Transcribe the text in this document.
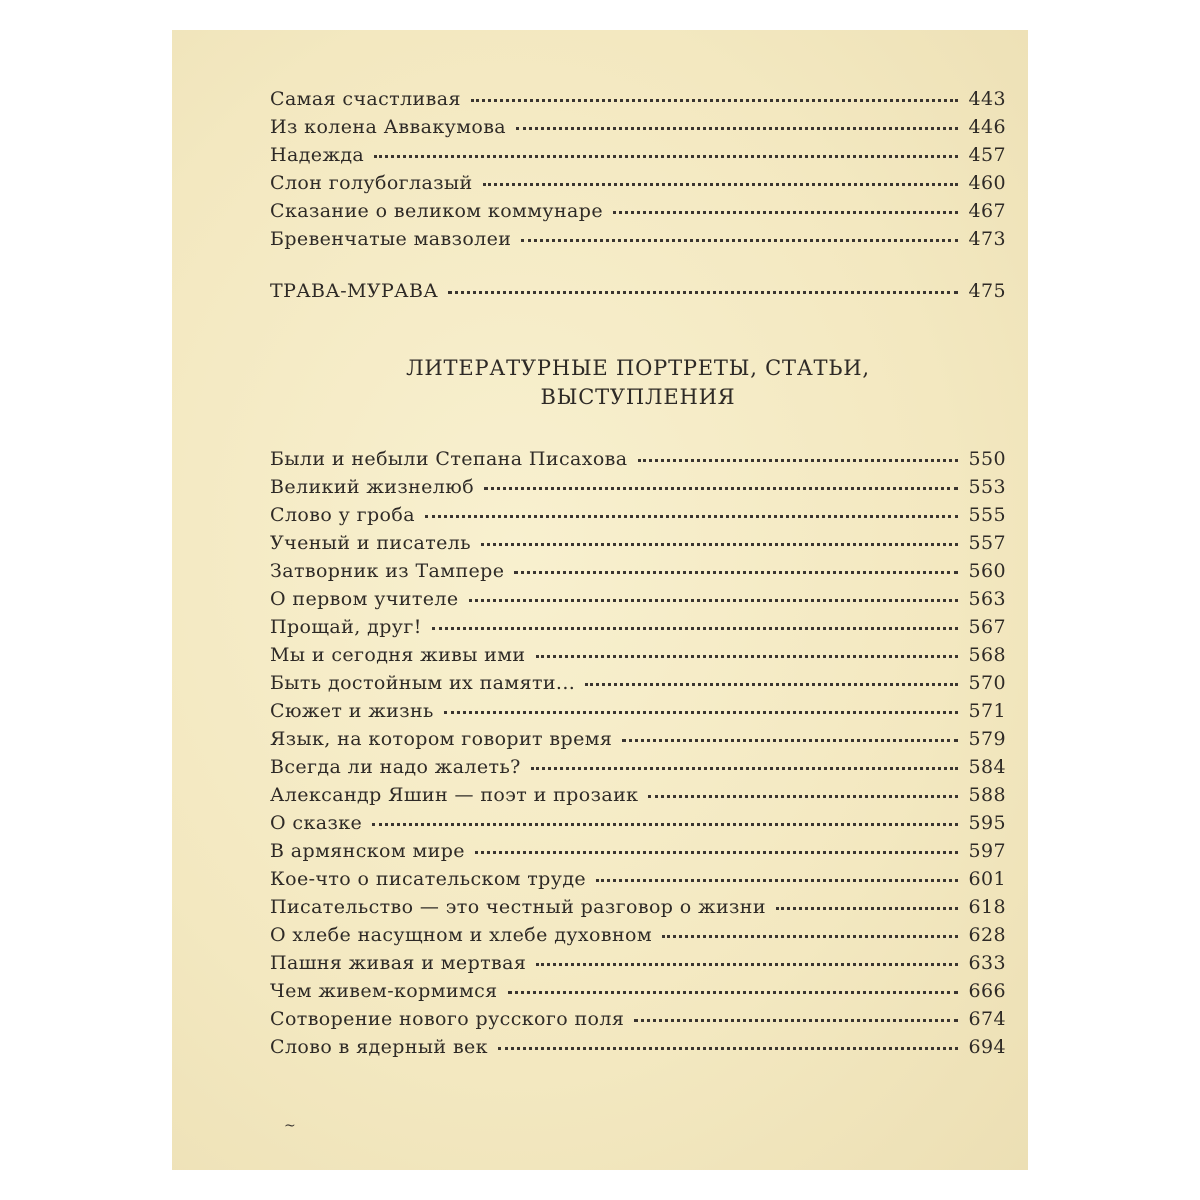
Самая счастливая	443
Из колена Аввакумова	446
Надежда	457
Слон голубоглазый	460
Сказание о великом коммунаре	467
Бревенчатые мавзолеи	473
ТРАВА-МУРАВА	475
ЛИТЕРАТУРНЫЕ ПОРТРЕТЫ, СТАТЬИ,
ВЫСТУПЛЕНИЯ
Были и небыли Степана Писахова	550
Великий жизнелюб	553
Слово у гроба	555
Ученый и писатель	557
Затворник из Тампере	560
О первом учителе	563
Прощай, друг!	567
Мы и сегодня живы ими	568
Быть достойным их памяти...	570
Сюжет и жизнь	571
Язык, на котором говорит время	579
Всегда ли надо жалеть?	584
Александр Яшин — поэт и прозаик	588
О сказке	595
В армянском мире	597
Кое-что о писательском труде	601
Писательство — это честный разговор о жизни	618
О хлебе насущном и хлебе духовном	628
Пашня живая и мертвая	633
Чем живем-кормимся	666
Сотворение нового русского поля	674
Слово в ядерный век	694
~
